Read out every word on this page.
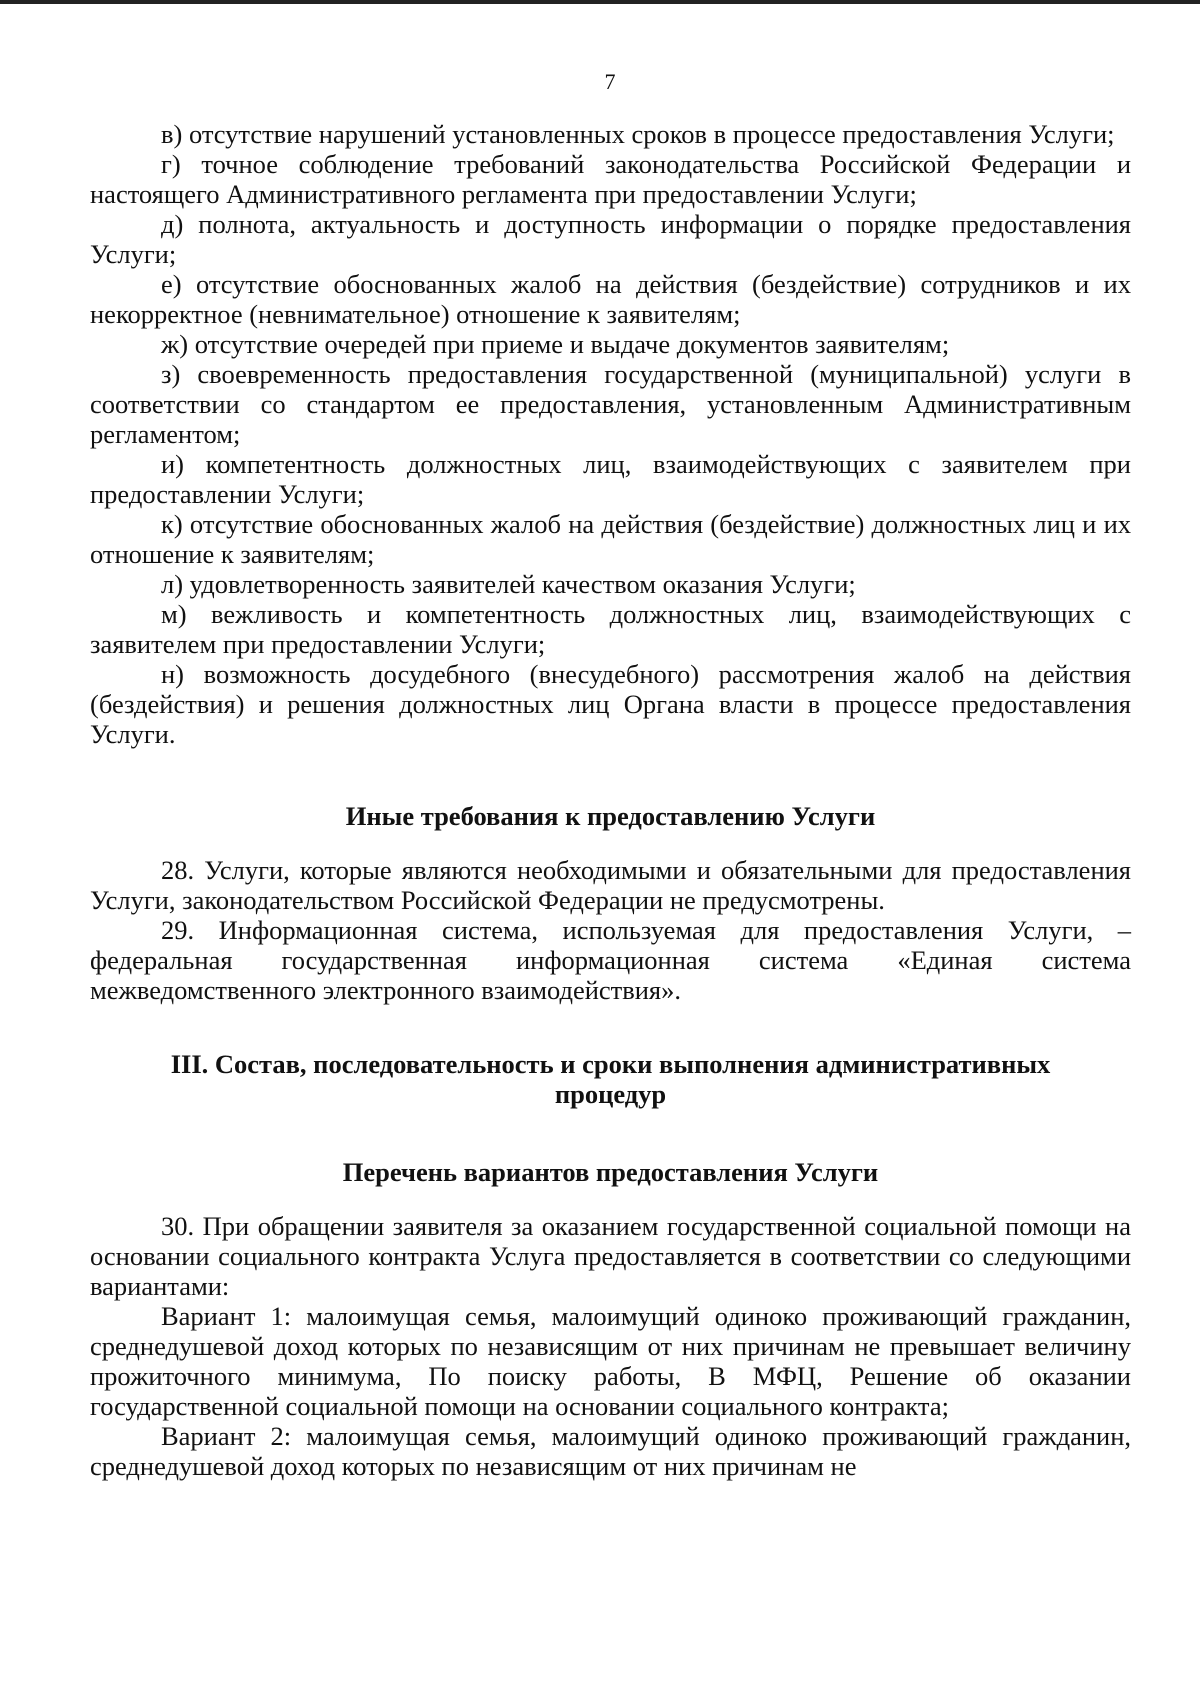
7

в) отсутствие нарушений установленных сроков в процессе предоставления Услуги;

г) точное соблюдение требований законодательства Российской Федерации и настоящего Административного регламента при предоставлении Услуги;

д) полнота, актуальность и доступность информации о порядке предоставления Услуги;

е) отсутствие обоснованных жалоб на действия (бездействие) сотрудников и их некорректное (невнимательное) отношение к заявителям;

ж) отсутствие очередей при приеме и выдаче документов заявителям;

з) своевременность предоставления государственной (муниципальной) услуги в соответствии со стандартом ее предоставления, установленным Административным регламентом;

и) компетентность должностных лиц, взаимодействующих с заявителем при предоставлении Услуги;

к) отсутствие обоснованных жалоб на действия (бездействие) должностных лиц и их отношение к заявителям;

л) удовлетворенность заявителей качеством оказания Услуги;

м) вежливость и компетентность должностных лиц, взаимодействующих с заявителем при предоставлении Услуги;

н) возможность досудебного (внесудебного) рассмотрения жалоб на действия (бездействия) и решения должностных лиц Органа власти в процессе предоставления Услуги.

Иные требования к предоставлению Услуги

28. Услуги, которые являются необходимыми и обязательными для предоставления Услуги, законодательством Российской Федерации не предусмотрены.

29. Информационная система, используемая для предоставления Услуги, – федеральная государственная информационная система «Единая система межведомственного электронного взаимодействия».

III. Состав, последовательность и сроки выполнения административных

процедур

Перечень вариантов предоставления Услуги

30. При обращении заявителя за оказанием государственной социальной помощи на основании социального контракта Услуга предоставляется в соответствии со следующими вариантами:

Вариант 1: малоимущая семья, малоимущий одиноко проживающий гражданин, среднедушевой доход которых по независящим от них причинам не превышает величину прожиточного минимума, По поиску работы, В МФЦ, Решение об оказании государственной социальной помощи на основании социального контракта;

Вариант 2: малоимущая семья, малоимущий одиноко проживающий гражданин, среднедушевой доход которых по независящим от них причинам не
